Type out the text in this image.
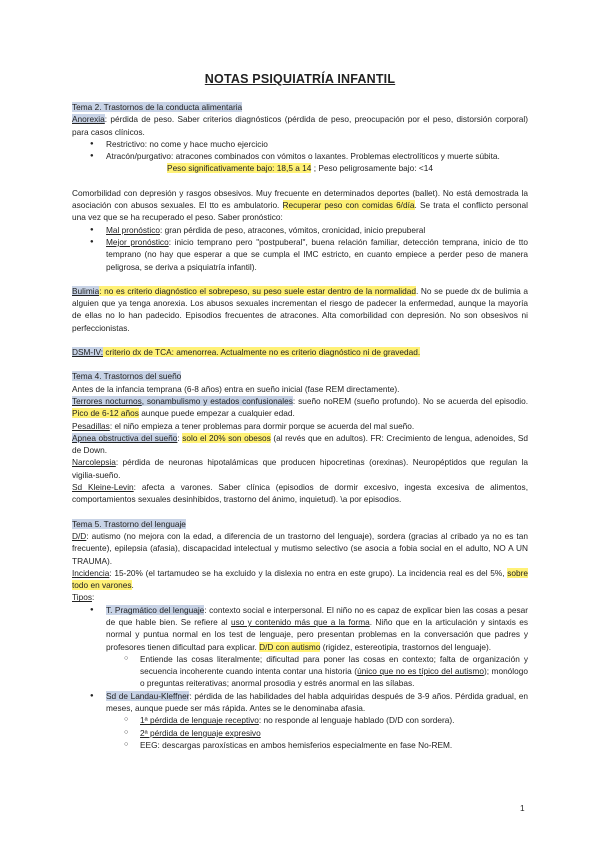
NOTAS PSIQUIATRÍA INFANTIL

Tema 2. Trastornos de la conducta alimentaria

Anorexia: pérdida de peso. Saber criterios diagnósticos (pérdida de peso, preocupación por el peso, distorsión corporal) para casos clínicos.

● Restrictivo: no come y hace mucho ejercicio
● Atracón/purgativo: atracones combinados con vómitos o laxantes. Problemas electrolíticos y muerte súbita.

Peso significativamente bajo: 18,5 a 14 ; Peso peligrosamente bajo: <14

Comorbilidad con depresión y rasgos obsesivos. Muy frecuente en determinados deportes (ballet). No está demostrada la asociación con abusos sexuales. El tto es ambulatorio. Recuperar peso con comidas 6/día. Se trata el conflicto personal una vez que se ha recuperado el peso. Saber pronóstico:

● Mal pronóstico: gran pérdida de peso, atracones, vómitos, cronicidad, inicio prepuberal
● Mejor pronóstico: inicio temprano pero "postpuberal", buena relación familiar, detección temprana, inicio de tto temprano (no hay que esperar a que se cumpla el IMC estricto, en cuanto empiece a perder peso de manera peligrosa, se deriva a psiquiatría infantil).

Bulimia: no es criterio diagnóstico el sobrepeso, su peso suele estar dentro de la normalidad. No se puede dx de bulimia a alguien que ya tenga anorexia. Los abusos sexuales incrementan el riesgo de padecer la enfermedad, aunque la mayoría de ellas no lo han padecido. Episodios frecuentes de atracones. Alta comorbilidad con depresión. No son obsesivos ni perfeccionistas.

DSM-IV: criterio dx de TCA: amenorrea. Actualmente no es criterio diagnóstico ni de gravedad.

Tema 4. Trastornos del sueño

Antes de la infancia temprana (6-8 años) entra en sueño inicial (fase REM directamente).

Terrores nocturnos, sonambulismo y estados confusionales: sueño noREM (sueño profundo). No se acuerda del episodio. Pico de 6-12 años aunque puede empezar a cualquier edad.

Pesadillas: el niño empieza a tener problemas para dormir porque se acuerda del mal sueño.

Apnea obstructiva del sueño: solo el 20% son obesos (al revés que en adultos). FR: Crecimiento de lengua, adenoides, Sd de Down.

Narcolepsia: pérdida de neuronas hipotalámicas que producen hipocretinas (orexinas). Neuropéptidos que regulan la vigilia-sueño.

Sd Kleine-Levin: afecta a varones. Saber clínica (episodios de dormir excesivo, ingesta excesiva de alimentos, comportamientos sexuales desinhibidos, trastorno del ánimo, inquietud). \a por episodios.

Tema 5. Trastorno del lenguaje

D/D: autismo (no mejora con la edad, a diferencia de un trastorno del lenguaje), sordera (gracias al cribado ya no es tan frecuente), epilepsia (afasia), discapacidad intelectual y mutismo selectivo (se asocia a fobia social en el adulto, NO A UN TRAUMA).

Incidencia: 15-20% (el tartamudeo se ha excluido y la dislexia no entra en este grupo). La incidencia real es del 5%, sobre todo en varones.

Tipos:

● T. Pragmático del lenguaje: contexto social e interpersonal. El niño no es capaz de explicar bien las cosas a pesar de que hable bien. Se refiere al uso y contenido más que a la forma. Niño que en la articulación y sintaxis es normal y puntua normal en los test de lenguaje, pero presentan problemas en la conversación que padres y profesores tienen dificultad para explicar. D/D con autismo (rigidez, estereotipia, trastornos del lenguaje).
○ Entiende las cosas literalmente; dificultad para poner las cosas en contexto; falta de organización y secuencia incoherente cuando intenta contar una historia (único que no es típico del autismo); monólogo o preguntas reiterativas; anormal prosodia y estrés anormal en las sílabas.
● Sd de Landau-Kleffner: pérdida de las habilidades del habla adquiridas después de 3-9 años. Pérdida gradual, en meses, aunque puede ser más rápida. Antes se le denominaba afasia.
○ 1ª pérdida de lenguaje receptivo: no responde al lenguaje hablado (D/D con sordera).
○ 2ª pérdida de lenguaje expresivo
○ EEG: descargas paroxísticas en ambos hemisferios especialmente en fase No-REM.
1
